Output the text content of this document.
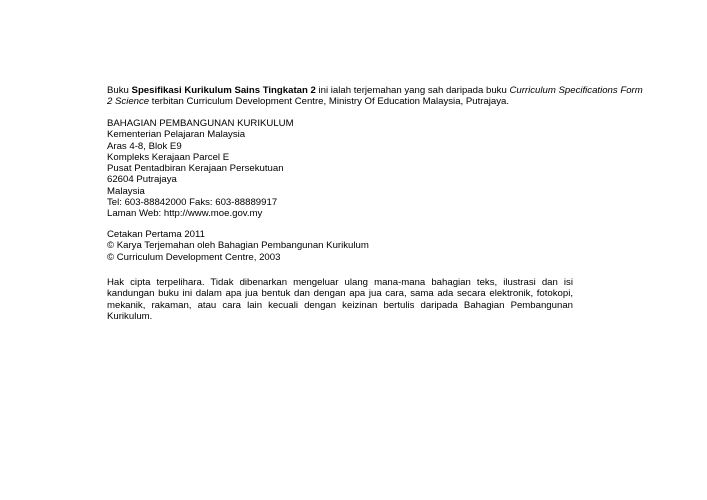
Buku Spesifikasi Kurikulum Sains Tingkatan 2 ini ialah terjemahan yang sah daripada buku Curriculum Specifications Form
2 Science terbitan Curriculum Development Centre, Ministry Of Education Malaysia, Putrajaya.

BAHAGIAN PEMBANGUNAN KURIKULUM
Kementerian Pelajaran Malaysia
Aras 4-8, Blok E9
Kompleks Kerajaan Parcel E
Pusat Pentadbiran Kerajaan Persekutuan
62604 Putrajaya
Malaysia
Tel: 603-88842000 Faks: 603-88889917
Laman Web: http://www.moe.gov.my
Cetakan Pertama 2011
© Karya Terjemahan oleh Bahagian Pembangunan Kurikulum
© Curriculum Development Centre, 2003

Hak cipta terpelihara. Tidak dibenarkan mengeluar ulang mana-mana bahagian teks, ilustrasi dan isi kandungan buku ini dalam apa jua bentuk dan dengan apa jua cara, sama ada secara elektronik, fotokopi, mekanik, rakaman, atau cara lain kecuali dengan keizinan bertulis daripada Bahagian Pembangunan Kurikulum.
